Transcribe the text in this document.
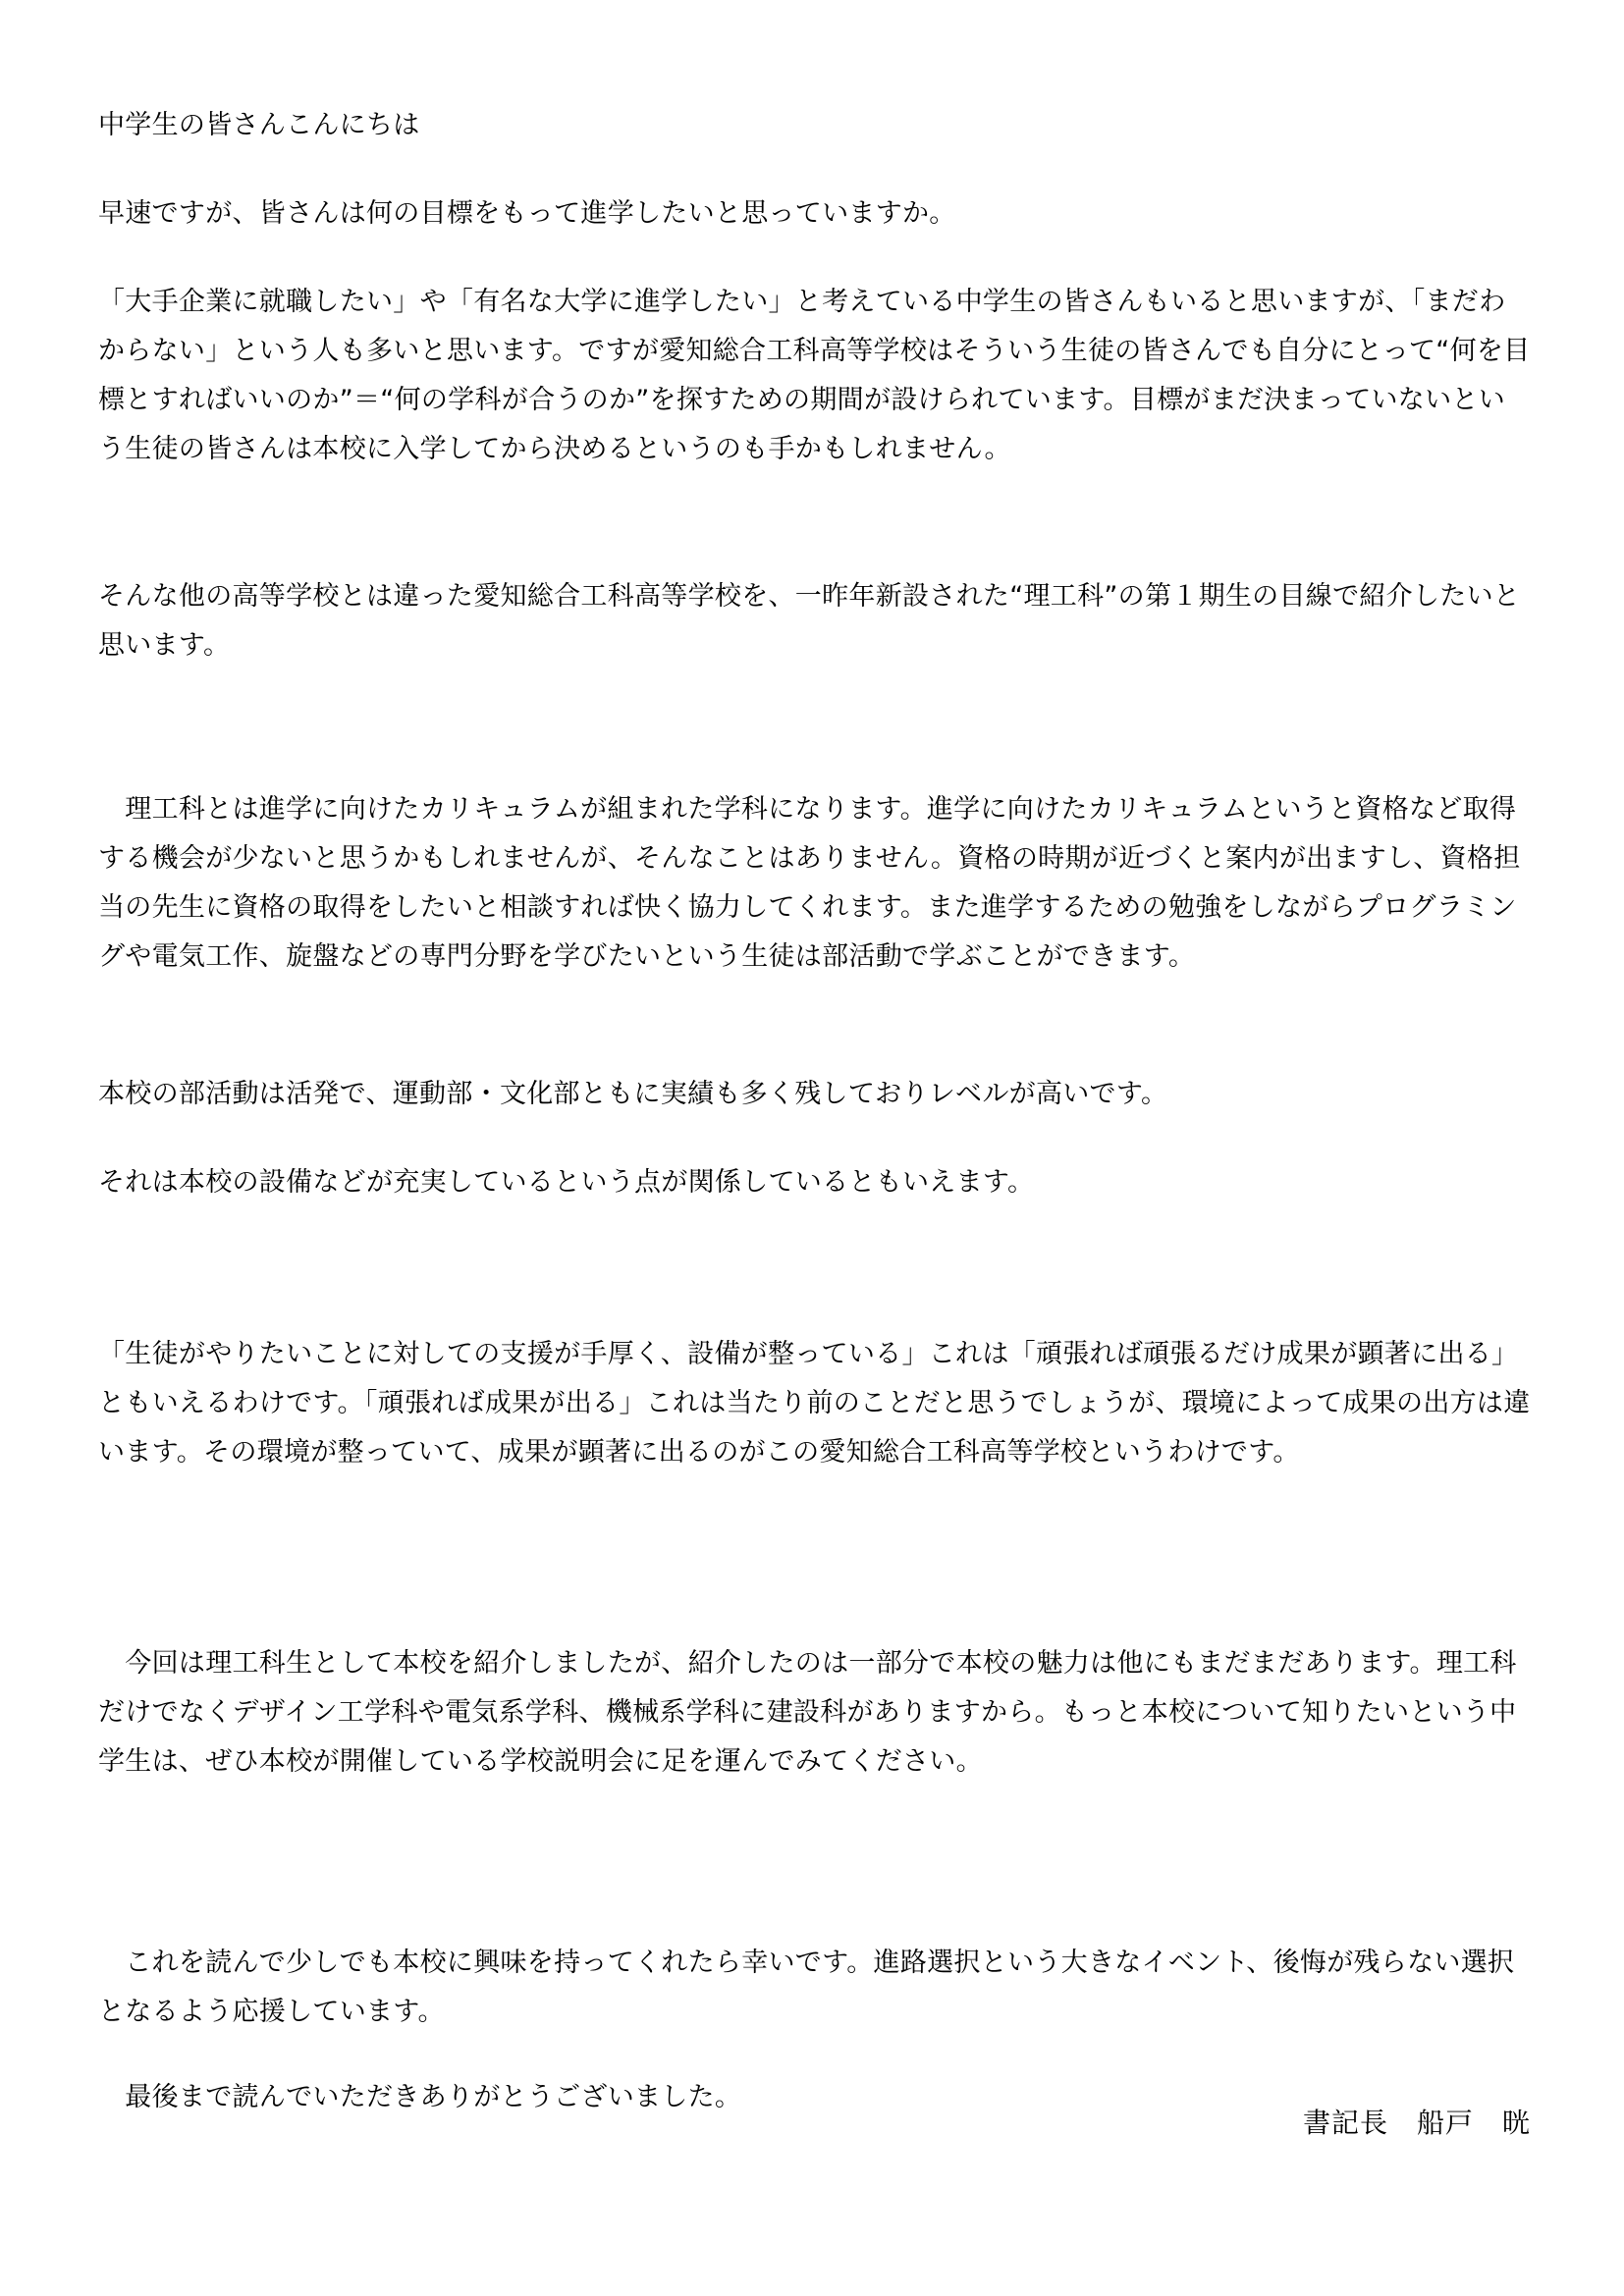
中学生の皆さんこんにちは

早速ですが、皆さんは何の目標をもって進学したいと思っていますか。

「大手企業に就職したい」や「有名な大学に進学したい」と考えている中学生の皆さんもいると思いますが、「まだわからない」という人も多いと思います。ですが愛知総合工科高等学校はそういう生徒の皆さんでも自分にとって“何を目標とすればいいのか”＝“何の学科が合うのか”を探すための期間が設けられています。目標がまだ決まっていないという生徒の皆さんは本校に入学してから決めるというのも手かもしれません。

そんな他の高等学校とは違った愛知総合工科高等学校を、一昨年新設された“理工科”の第１期生の目線で紹介したいと思います。

　理工科とは進学に向けたカリキュラムが組まれた学科になります。進学に向けたカリキュラムというと資格など取得する機会が少ないと思うかもしれませんが、そんなことはありません。資格の時期が近づくと案内が出ますし、資格担当の先生に資格の取得をしたいと相談すれば快く協力してくれます。また進学するための勉強をしながらプログラミングや電気工作、旋盤などの専門分野を学びたいという生徒は部活動で学ぶことができます。

本校の部活動は活発で、運動部・文化部ともに実績も多く残しておりレベルが高いです。

それは本校の設備などが充実しているという点が関係しているともいえます。

「生徒がやりたいことに対しての支援が手厚く、設備が整っている」これは「頑張れば頑張るだけ成果が顕著に出る」ともいえるわけです。「頑張れば成果が出る」これは当たり前のことだと思うでしょうが、環境によって成果の出方は違います。その環境が整っていて、成果が顕著に出るのがこの愛知総合工科高等学校というわけです。

　今回は理工科生として本校を紹介しましたが、紹介したのは一部分で本校の魅力は他にもまだまだあります。理工科だけでなくデザイン工学科や電気系学科、機械系学科に建設科がありますから。もっと本校について知りたいという中学生は、ぜひ本校が開催している学校説明会に足を運んでみてください。

　これを読んで少しでも本校に興味を持ってくれたら幸いです。進路選択という大きなイベント、後悔が残らない選択となるよう応援しています。

　最後まで読んでいただきありがとうございました。

書記長　船戸　晄
